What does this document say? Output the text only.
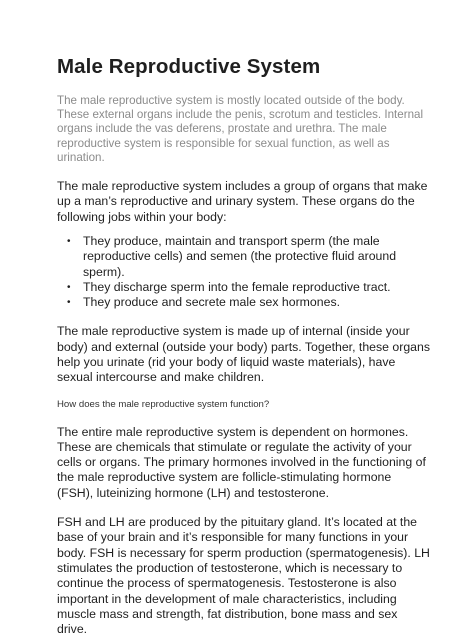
Male Reproductive System

The male reproductive system is mostly located outside of the body. These external organs include the penis, scrotum and testicles. Internal organs include the vas deferens, prostate and urethra. The male reproductive system is responsible for sexual function, as well as urination.

The male reproductive system includes a group of organs that make up a man’s reproductive and urinary system. These organs do the following jobs within your body:

• They produce, maintain and transport sperm (the male reproductive cells) and semen (the protective fluid around sperm).
• They discharge sperm into the female reproductive tract.
• They produce and secrete male sex hormones.

The male reproductive system is made up of internal (inside your body) and external (outside your body) parts. Together, these organs help you urinate (rid your body of liquid waste materials), have sexual intercourse and make children.

How does the male reproductive system function?

The entire male reproductive system is dependent on hormones. These are chemicals that stimulate or regulate the activity of your cells or organs. The primary hormones involved in the functioning of the male reproductive system are follicle-stimulating hormone (FSH), luteinizing hormone (LH) and testosterone.

FSH and LH are produced by the pituitary gland. It’s located at the base of your brain and it’s responsible for many functions in your body. FSH is necessary for sperm production (spermatogenesis). LH stimulates the production of testosterone, which is necessary to continue the process of spermatogenesis. Testosterone is also important in the development of male characteristics, including muscle mass and strength, fat distribution, bone mass and sex drive.
